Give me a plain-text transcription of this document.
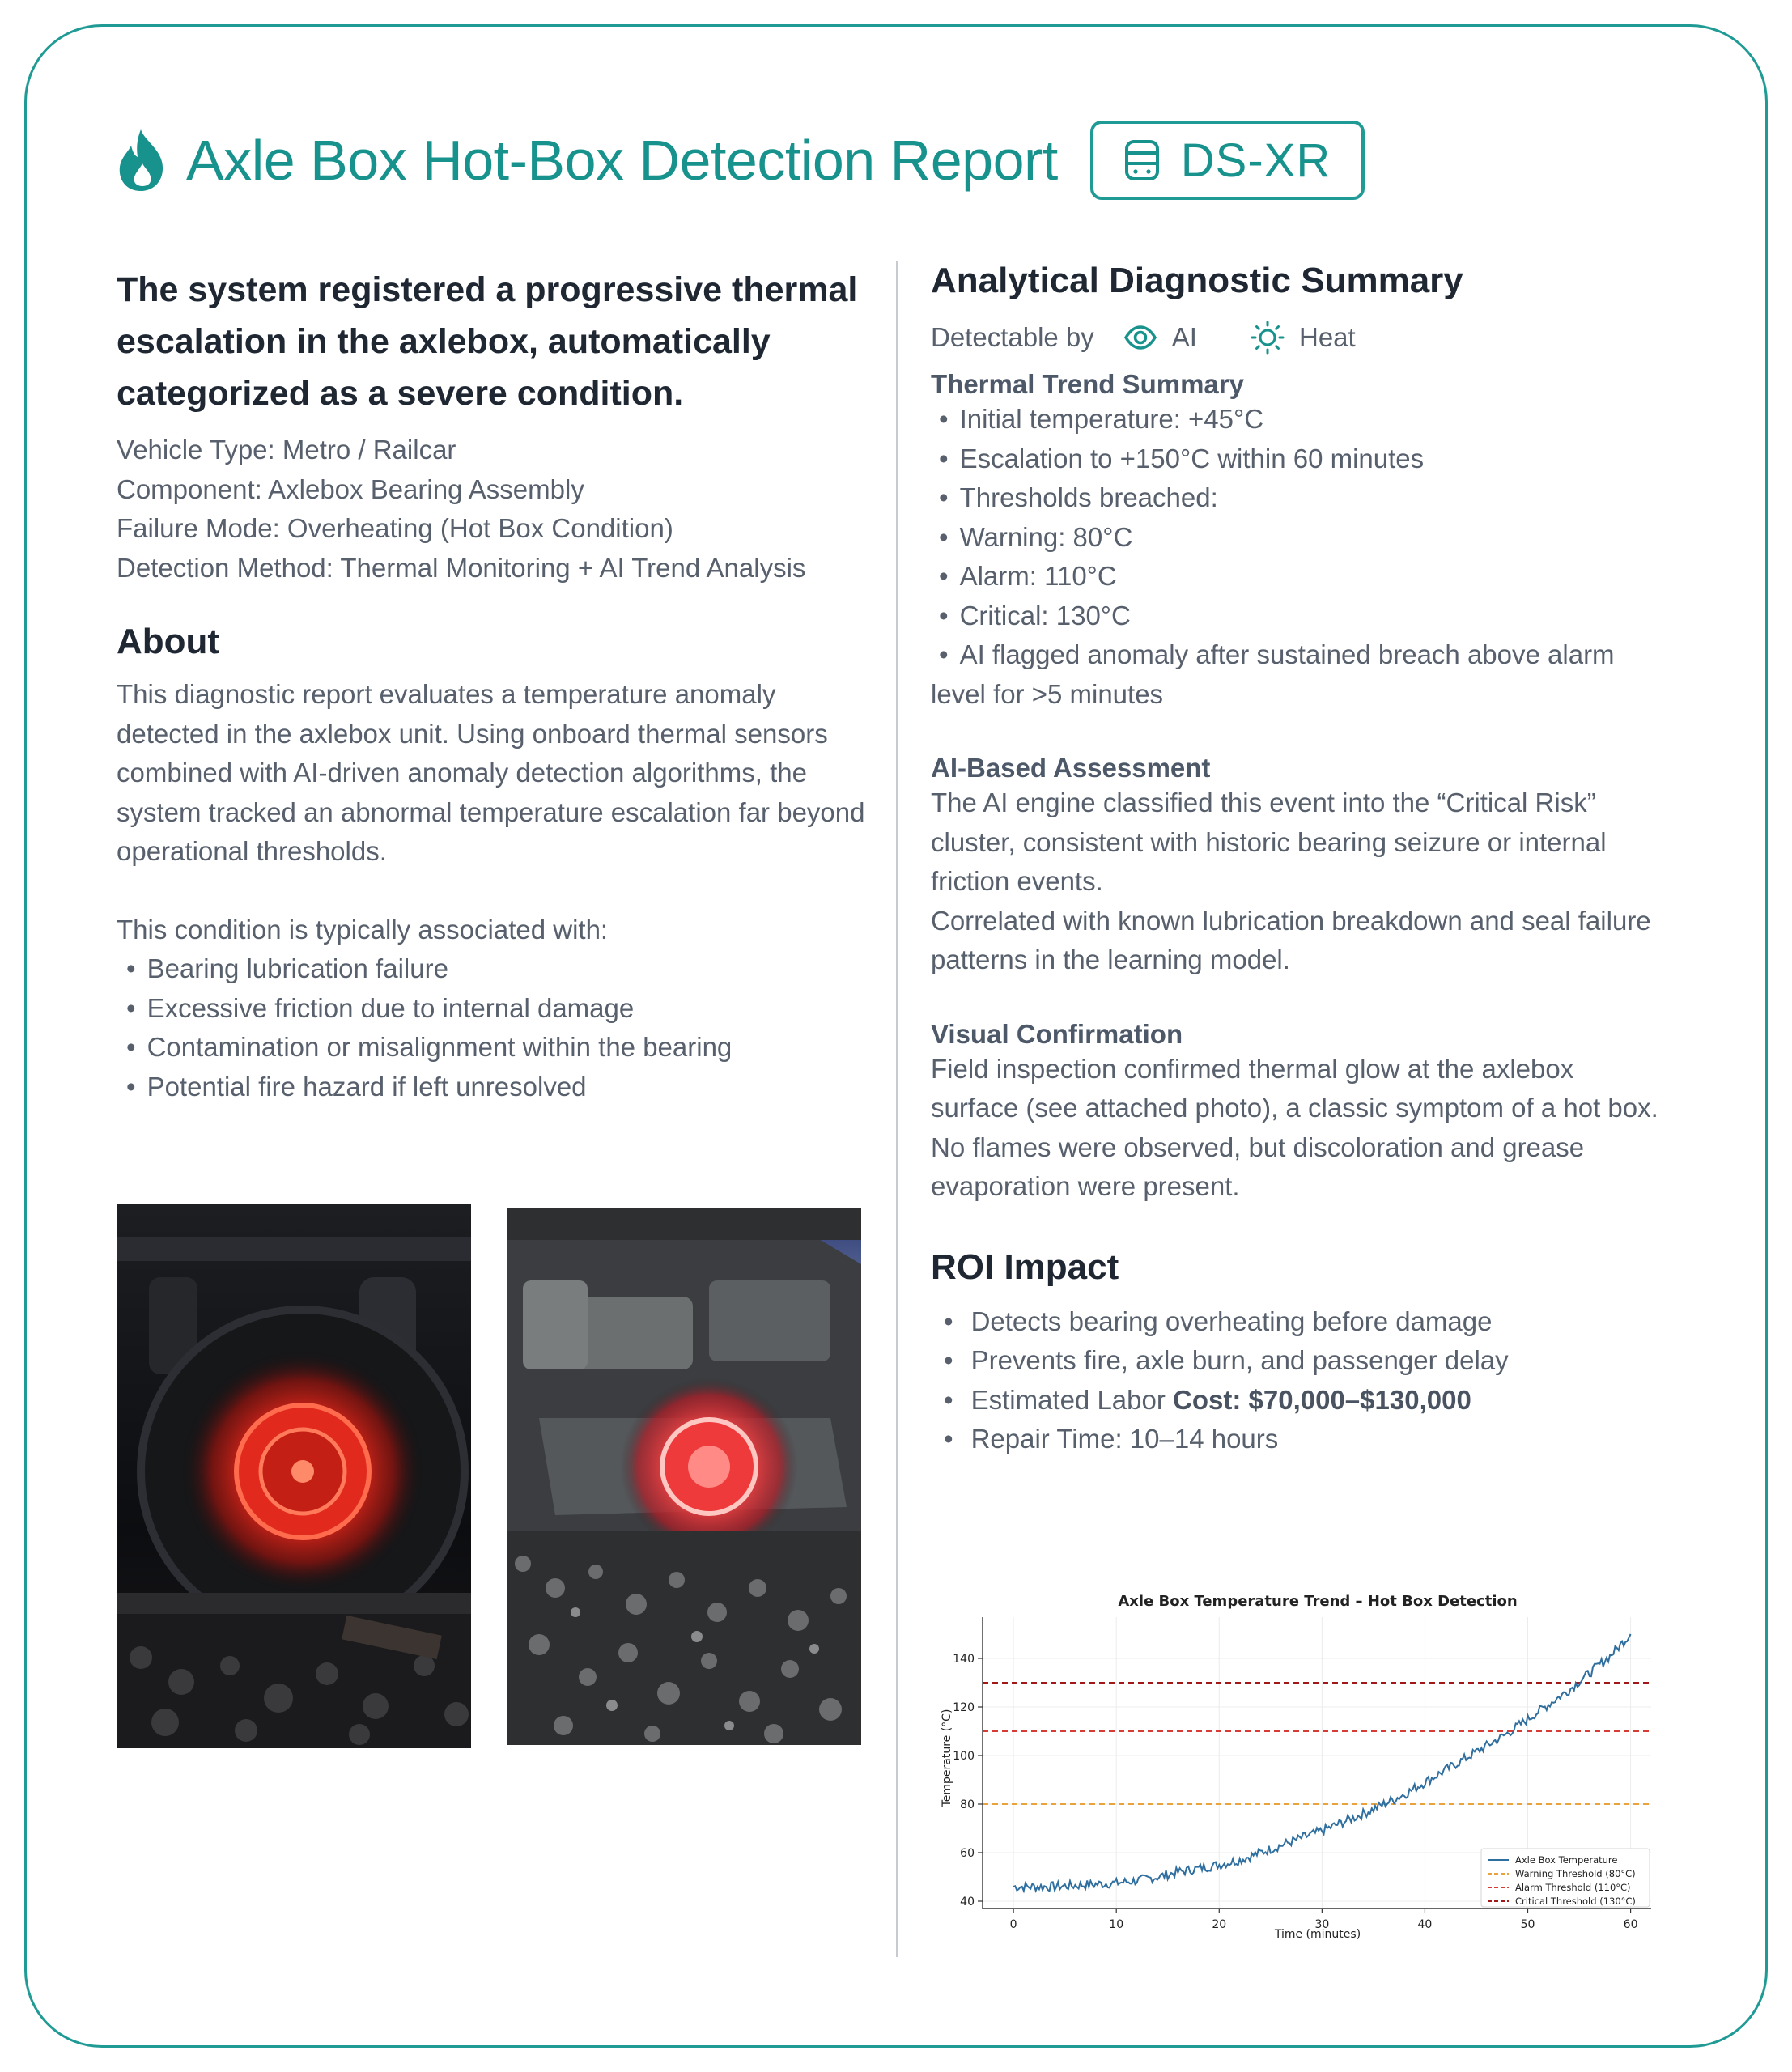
Axle Box Hot-Box Detection Report	DS-XR
The system registered a progressive thermal escalation in the axlebox, automatically categorized as a severe condition.
Vehicle Type: Metro / Railcar
Component: Axlebox Bearing Assembly
Failure Mode: Overheating (Hot Box Condition)
Detection Method: Thermal Monitoring + AI Trend Analysis
About
This diagnostic report evaluates a temperature anomaly detected in the axlebox unit. Using onboard thermal sensors combined with AI-driven anomaly detection algorithms, the system tracked an abnormal temperature escalation far beyond operational thresholds.
This condition is typically associated with:
• Bearing lubrication failure
• Excessive friction due to internal damage
• Contamination or misalignment within the bearing
• Potential fire hazard if left unresolved
Analytical Diagnostic Summary
Detectable by	AI	Heat
Thermal Trend Summary
• Initial temperature: +45°C
• Escalation to +150°C within 60 minutes
• Thresholds breached:
• Warning: 80°C
• Alarm: 110°C
• Critical: 130°C
• AI flagged anomaly after sustained breach above alarm level for >5 minutes
AI-Based Assessment
The AI engine classified this event into the “Critical Risk” cluster, consistent with historic bearing seizure or internal friction events.
Correlated with known lubrication breakdown and seal failure patterns in the learning model.
Visual Confirmation
Field inspection confirmed thermal glow at the axlebox surface (see attached photo), a classic symptom of a hot box.
No flames were observed, but discoloration and grease evaporation were present.
ROI Impact
• Detects bearing overheating before damage
• Prevents fire, axle burn, and passenger delay
• Estimated Labor Cost: $70,000–$130,000
• Repair Time: 10–14 hours
Axle Box Temperature Trend – Hot Box Detection
Time (minutes)
Temperature (°C)
0	10	20	30	40	50	60
40
60
80
100
120
140
Axle Box Temperature
Warning Threshold (80°C)
Alarm Threshold (110°C)
Critical Threshold (130°C)
